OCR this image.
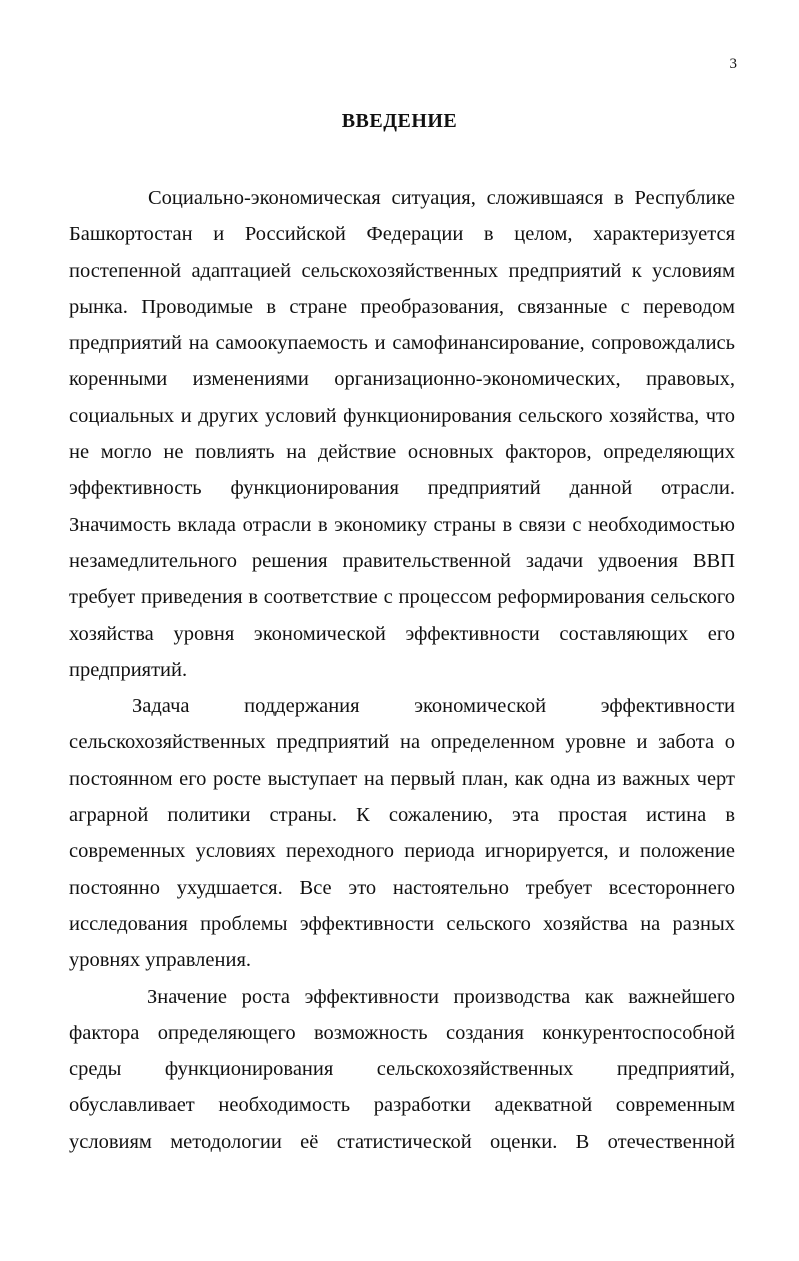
3
ВВЕДЕНИЕ

Социально-экономическая ситуация, сложившаяся в Республике Башкортостан и Российской Федерации в целом, характеризуется постепенной адаптацией сельскохозяйственных предприятий к условиям рынка. Проводимые в стране преобразования, связанные с переводом предприятий на самоокупаемость и самофинансирование, сопровождались коренными изменениями организационно-экономических, правовых, социальных и других условий функционирования сельского хозяйства, что не могло не повлиять на действие основных факторов, определяющих эффективность функционирования предприятий данной отрасли. Значимость вклада отрасли в экономику страны в связи с необходимостью незамедлительного решения правительственной задачи удвоения ВВП требует приведения в соответствие с процессом реформирования сельского хозяйства уровня экономической эффективности составляющих его предприятий.

Задача поддержания экономической эффективности сельскохозяйственных предприятий на определенном уровне и забота о постоянном его росте выступает на первый план, как одна из важных черт аграрной политики страны. К сожалению, эта простая истина в современных условиях переходного периода игнорируется, и положение постоянно ухудшается. Все это настоятельно требует всестороннего исследования проблемы эффективности сельского хозяйства на разных уровнях управления.

Значение роста эффективности производства как важнейшего фактора определяющего возможность создания конкурентоспособной среды функционирования сельскохозяйственных предприятий, обуславливает необходимость разработки адекватной современным условиям методологии её статистической оценки. В отечественной
